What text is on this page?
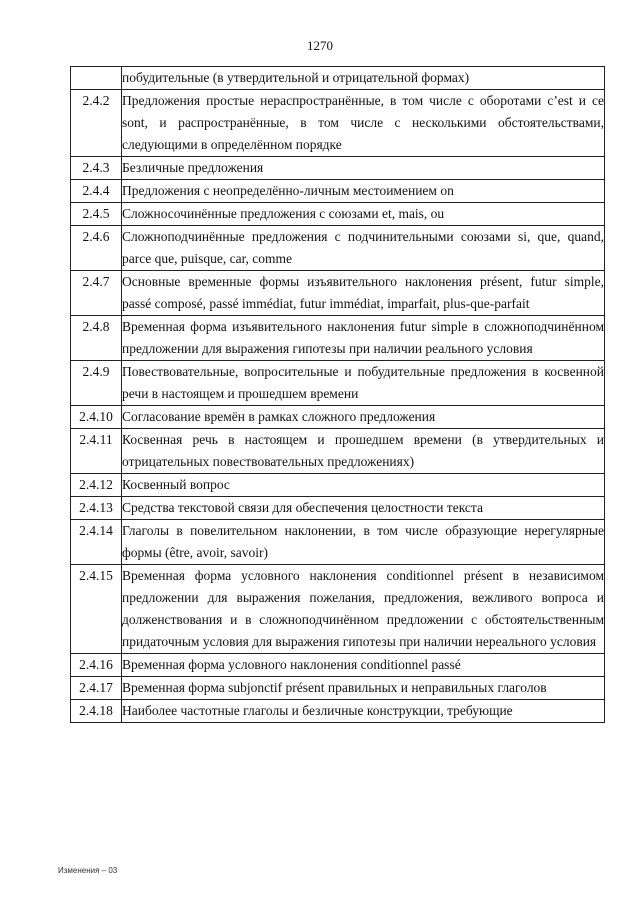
1270

	побудительные (в утвердительной и отрицательной формах)

2.4.2	Предложения простые нераспространённые, в том числе с оборотами c’est и ce sont, и распространённые, в том числе с несколькими обстоятельствами, следующими в определённом порядке

2.4.3	Безличные предложения

2.4.4	Предложения с неопределённо-личным местоимением on

2.4.5	Сложносочинённые предложения с союзами et, mais, ou

2.4.6	Сложноподчинённые предложения с подчинительными союзами si, que, quand, parce que, puisque, car, comme

2.4.7	Основные временные формы изъявительного наклонения présent, futur simple, passé composé, passé immédiat, futur immédiat, imparfait, plus-que-parfait

2.4.8	Временная форма изъявительного наклонения futur simple в сложноподчинённом предложении для выражения гипотезы при наличии реального условия

2.4.9	Повествовательные, вопросительные и побудительные предложения в косвенной речи в настоящем и прошедшем времени

2.4.10	Согласование времён в рамках сложного предложения

2.4.11	Косвенная речь в настоящем и прошедшем времени (в утвердительных и отрицательных повествовательных предложениях)

2.4.12	Косвенный вопрос

2.4.13	Средства текстовой связи для обеспечения целостности текста

2.4.14	Глаголы в повелительном наклонении, в том числе образующие нерегулярные формы (être, avoir, savoir)

2.4.15	Временная форма условного наклонения conditionnel présent в независимом предложении для выражения пожелания, предложения, вежливого вопроса и долженствования и в сложноподчинённом предложении с обстоятельственным придаточным условия для выражения гипотезы при наличии нереального условия

2.4.16	Временная форма условного наклонения conditionnel passé

2.4.17	Временная форма subjonctif présent правильных и неправильных глаголов

2.4.18	Наиболее частотные глаголы и безличные конструкции, требующие
Изменения – 03
